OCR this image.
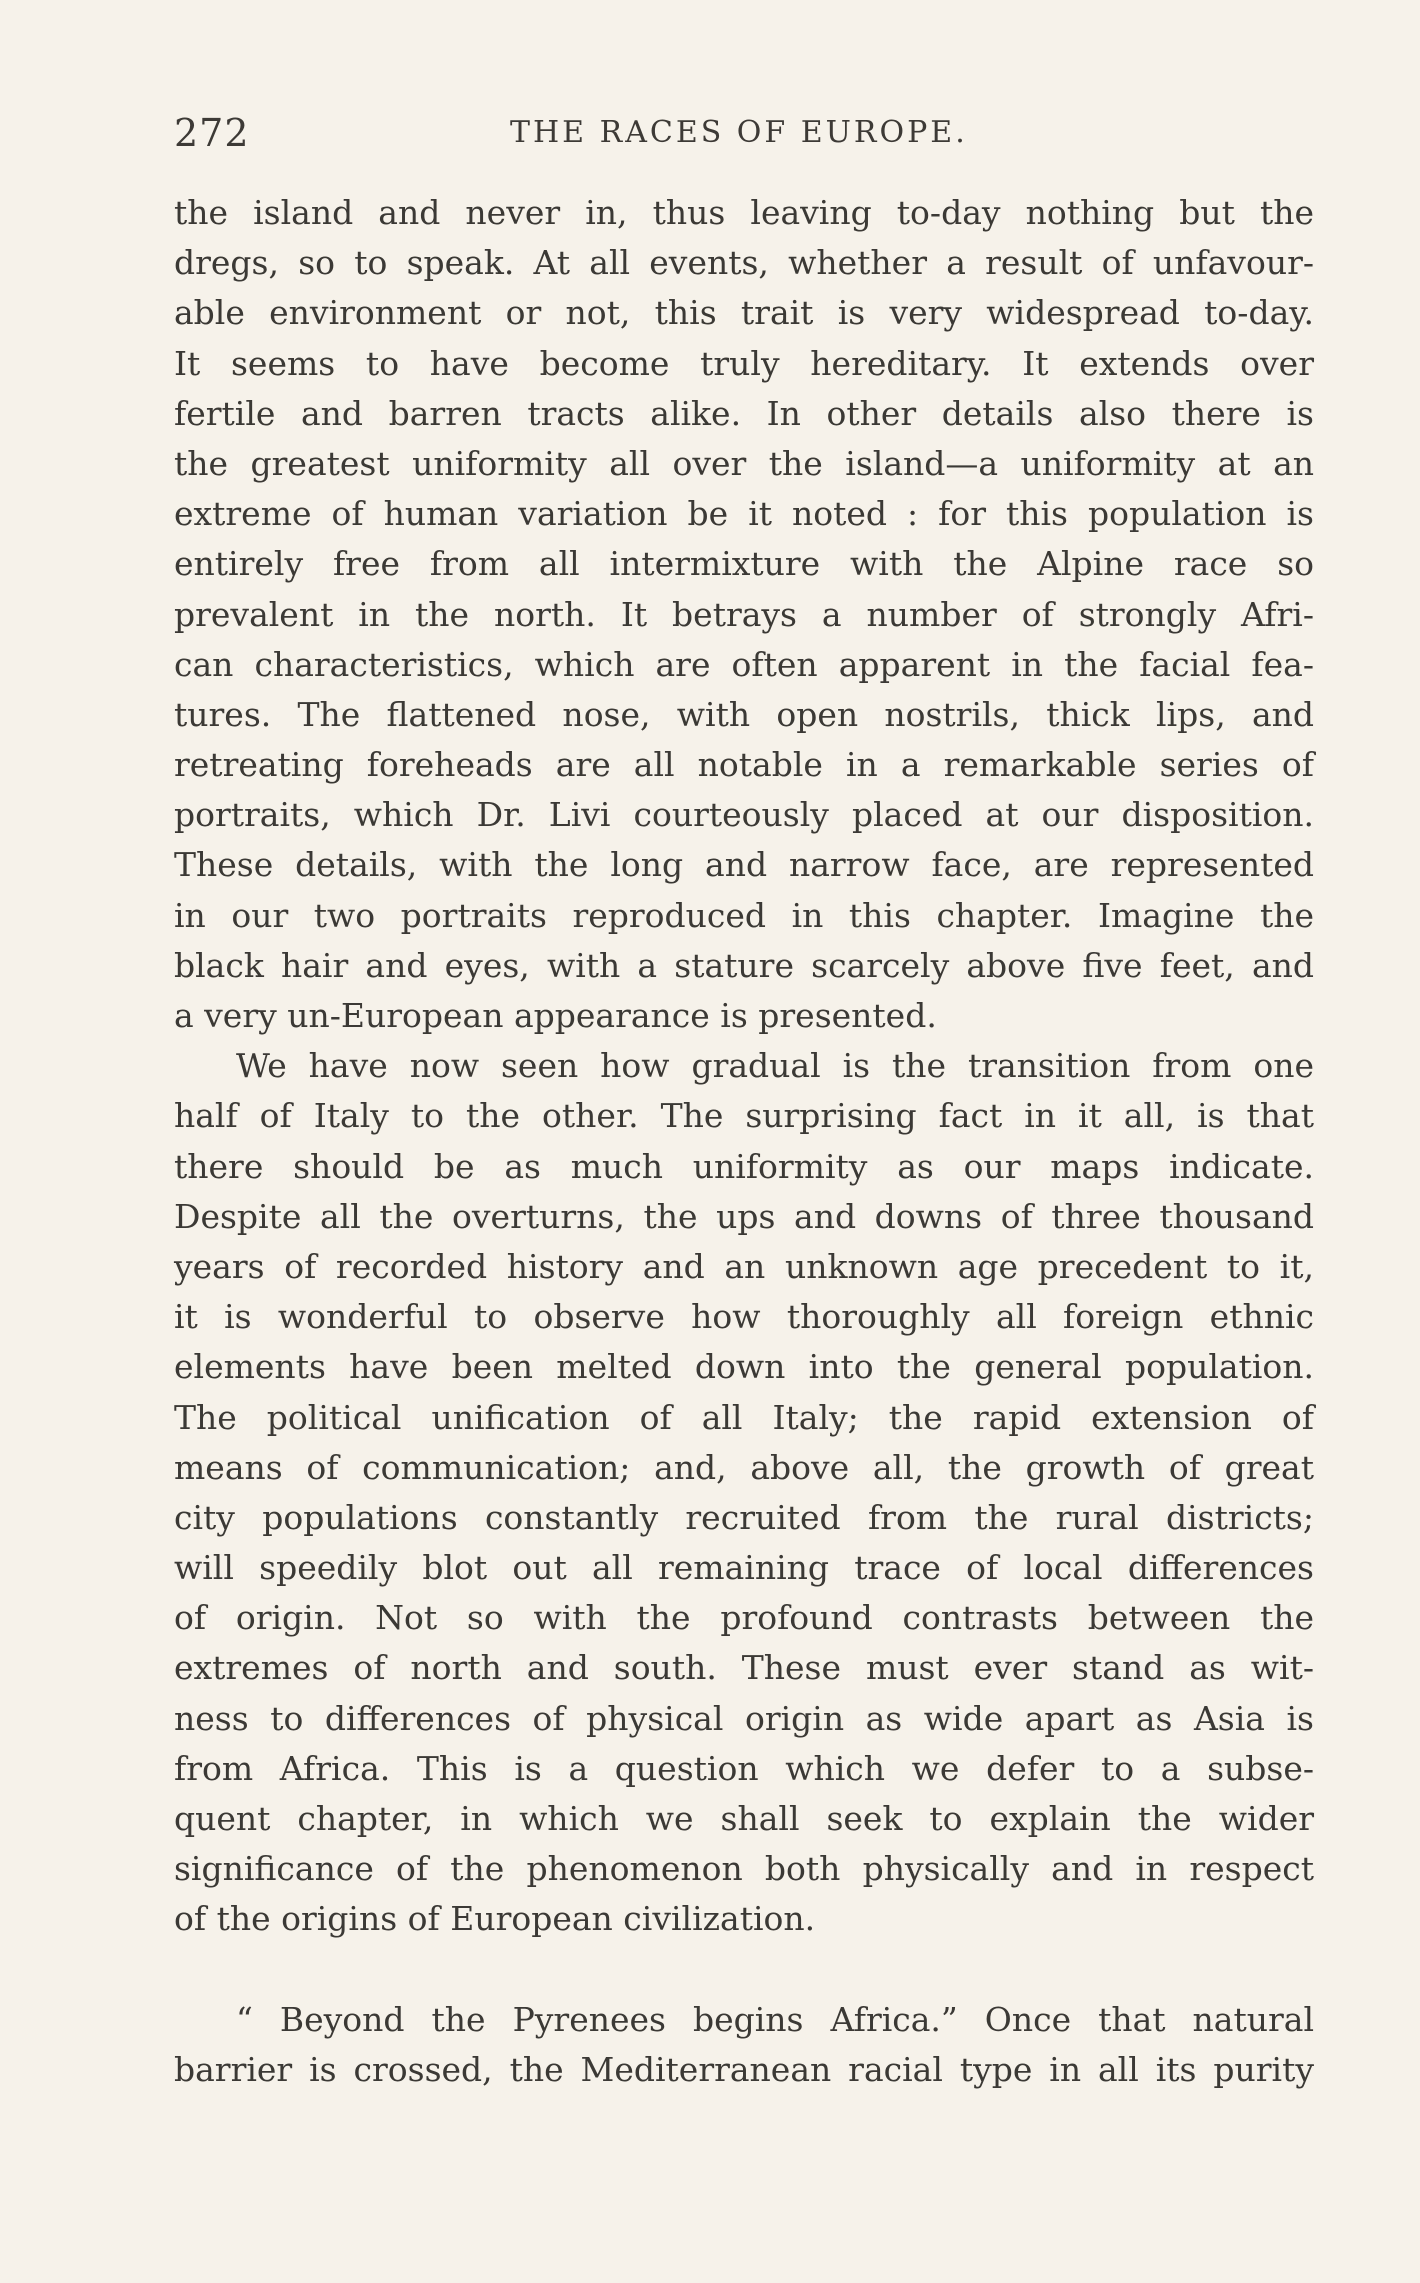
272	THE RACES OF EUROPE.
the island and never in, thus leaving to-day nothing but the
dregs, so to speak. At all events, whether a result of unfavour-
able environment or not, this trait is very widespread to-day.
It seems to have become truly hereditary. It extends over
fertile and barren tracts alike. In other details also there is
the greatest uniformity all over the island—a uniformity at an
extreme of human variation be it noted : for this population is
entirely free from all intermixture with the Alpine race so
prevalent in the north. It betrays a number of strongly Afri-
can characteristics, which are often apparent in the facial fea-
tures. The flattened nose, with open nostrils, thick lips, and
retreating foreheads are all notable in a remarkable series of
portraits, which Dr. Livi courteously placed at our disposition.
These details, with the long and narrow face, are represented
in our two portraits reproduced in this chapter. Imagine the
black hair and eyes, with a stature scarcely above five feet, and
a very un-European appearance is presented.
We have now seen how gradual is the transition from one
half of Italy to the other. The surprising fact in it all, is that
there should be as much uniformity as our maps indicate.
Despite all the overturns, the ups and downs of three thousand
years of recorded history and an unknown age precedent to it,
it is wonderful to observe how thoroughly all foreign ethnic
elements have been melted down into the general population.
The political unification of all Italy; the rapid extension of
means of communication; and, above all, the growth of great
city populations constantly recruited from the rural districts;
will speedily blot out all remaining trace of local differences
of origin. Not so with the profound contrasts between the
extremes of north and south. These must ever stand as wit-
ness to differences of physical origin as wide apart as Asia is
from Africa. This is a question which we defer to a subse-
quent chapter, in which we shall seek to explain the wider
significance of the phenomenon both physically and in respect
of the origins of European civilization.
“ Beyond the Pyrenees begins Africa.” Once that natural
barrier is crossed, the Mediterranean racial type in all its purity
